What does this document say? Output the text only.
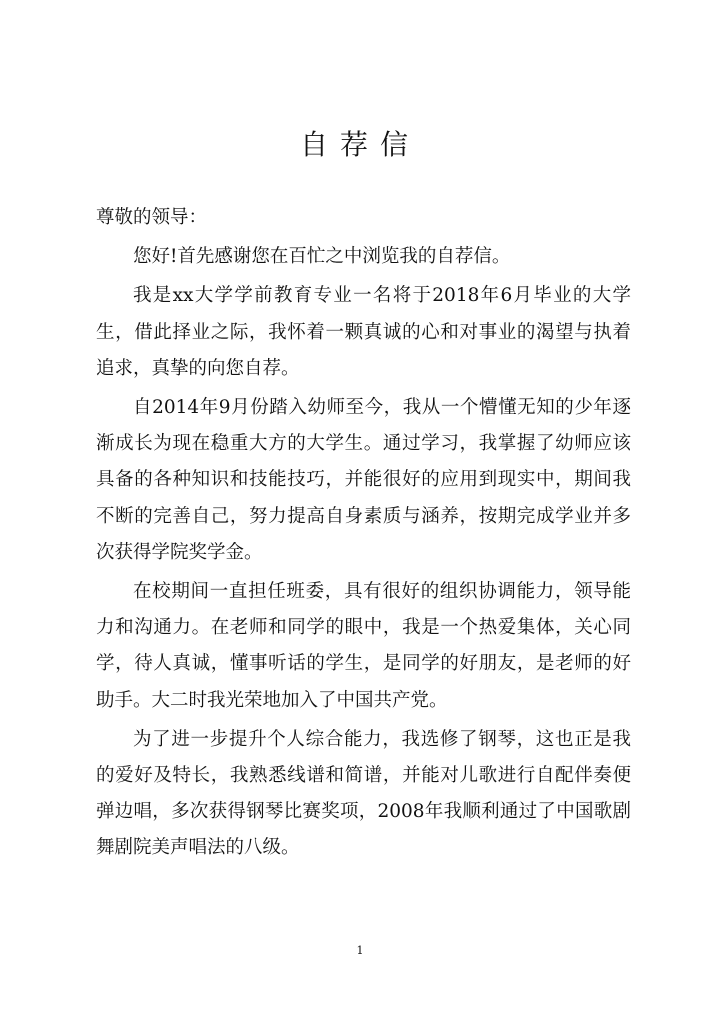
自荐信

尊敬的领导：

您好!首先感谢您在百忙之中浏览我的自荐信。

我是xx大学学前教育专业一名将于2018年6月毕业的大学生，借此择业之际，我怀着一颗真诚的心和对事业的渴望与执着追求，真挚的向您自荐。

自2014年9月份踏入幼师至今，我从一个懵懂无知的少年逐渐成长为现在稳重大方的大学生。通过学习，我掌握了幼师应该具备的各种知识和技能技巧，并能很好的应用到现实中，期间我不断的完善自己，努力提高自身素质与涵养，按期完成学业并多次获得学院奖学金。

在校期间一直担任班委，具有很好的组织协调能力，领导能力和沟通力。在老师和同学的眼中，我是一个热爱集体，关心同学，待人真诚，懂事听话的学生，是同学的好朋友，是老师的好助手。大二时我光荣地加入了中国共产党。

为了进一步提升个人综合能力，我选修了钢琴，这也正是我的爱好及特长，我熟悉线谱和简谱，并能对儿歌进行自配伴奏便弹边唱，多次获得钢琴比赛奖项，2008年我顺利通过了中国歌剧舞剧院美声唱法的八级。

1
